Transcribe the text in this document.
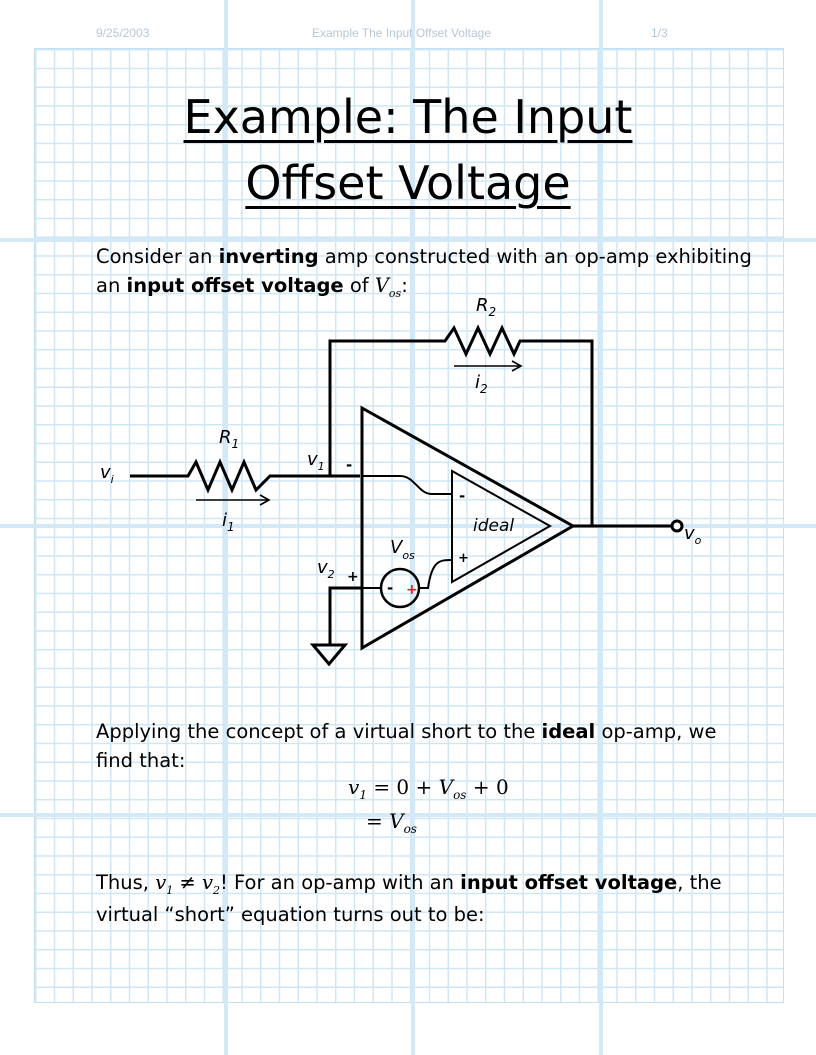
9/25/2003	Example The Input Offset Voltage	1/3
Example: The Input
Offset Voltage
Consider an inverting amp constructed with an op-amp exhibiting an input offset voltage of $V_{os}$:
$R_2$
$i_2$
$R_1$
$i_1$
$v_i$
$v_1$
$v_2$
$V_{os}$
$v_o$
ideal
-
+
-
+
- +
Applying the concept of a virtual short to the ideal op-amp, we find that:
$v_1 = 0 + V_{os} + 0$
= $V_{os}$
Thus, $v_1 \ne v_2$! For an op-amp with an input offset voltage, the virtual “short” equation turns out to be:
